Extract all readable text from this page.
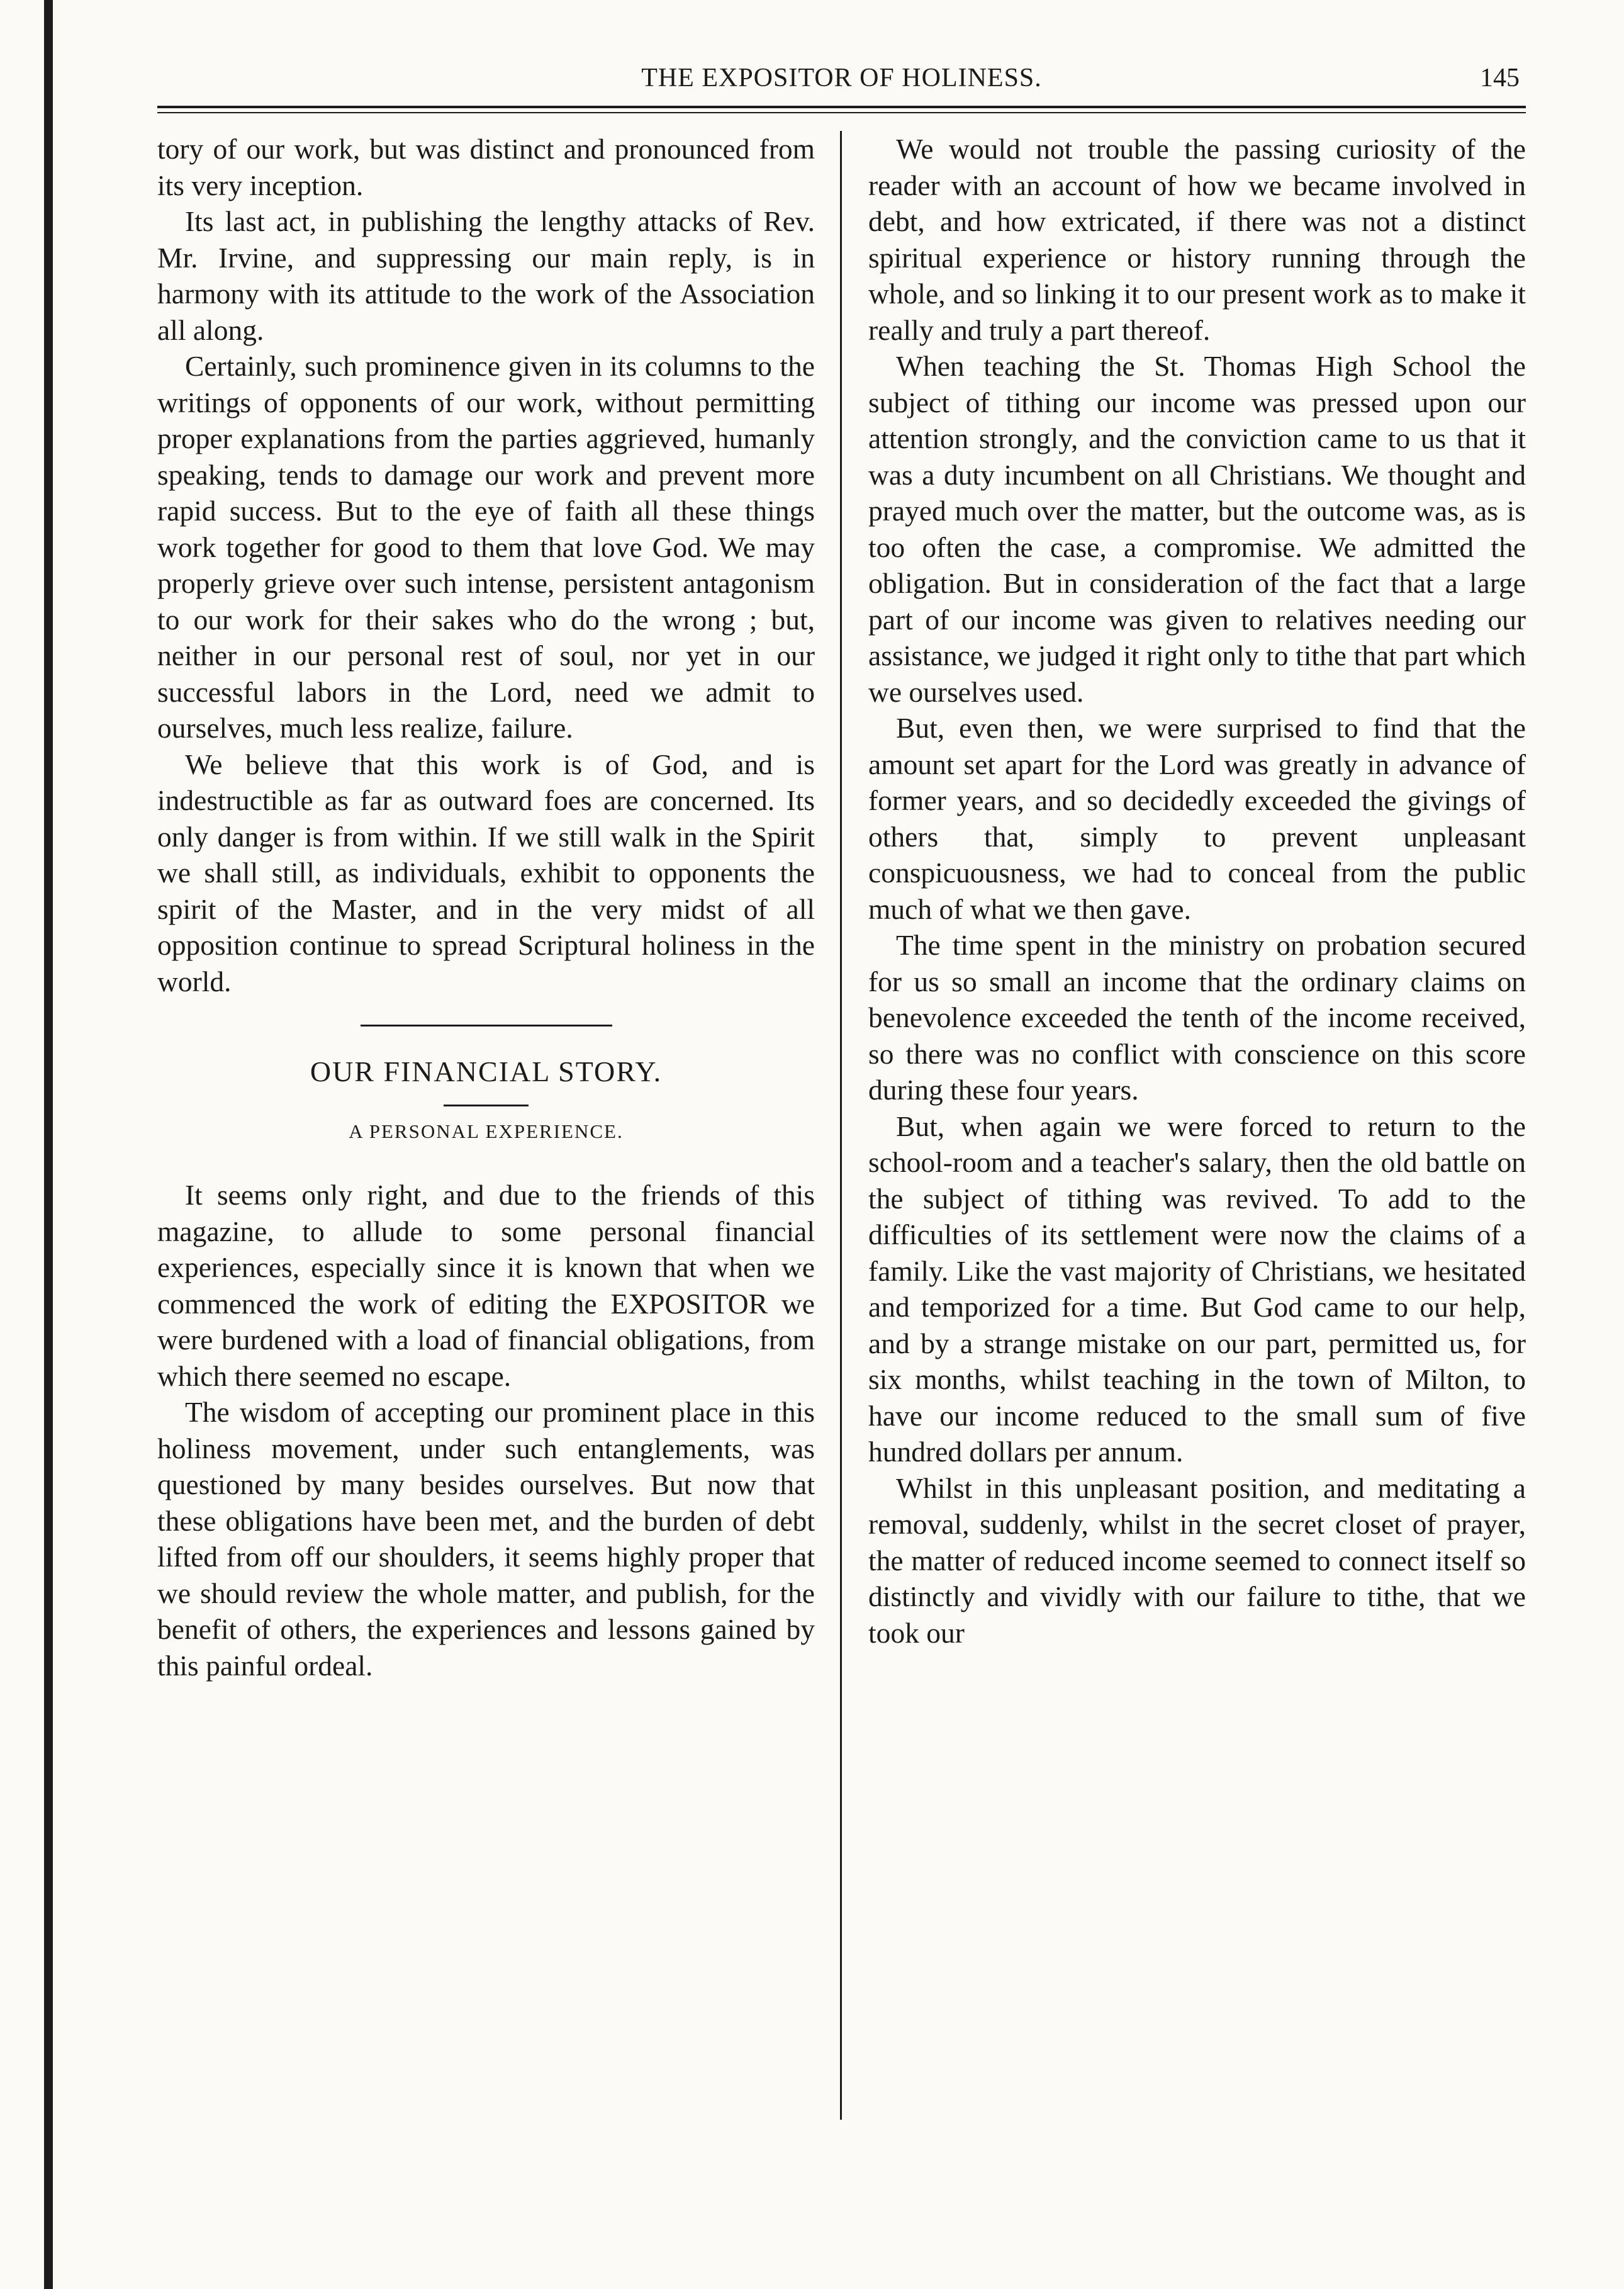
THE EXPOSITOR OF HOLINESS.	145

tory of our work, but was distinct and pronounced from its very inception.

Its last act, in publishing the lengthy attacks of Rev. Mr. Irvine, and suppressing our main reply, is in harmony with its attitude to the work of the Association all along.

Certainly, such prominence given in its columns to the writings of opponents of our work, without permitting proper explanations from the parties aggrieved, humanly speaking, tends to damage our work and prevent more rapid success. But to the eye of faith all these things work together for good to them that love God. We may properly grieve over such intense, persistent antagonism to our work for their sakes who do the wrong ; but, neither in our personal rest of soul, nor yet in our successful labors in the Lord, need we admit to ourselves, much less realize, failure.

We believe that this work is of God, and is indestructible as far as outward foes are concerned. Its only danger is from within. If we still walk in the Spirit we shall still, as individuals, exhibit to opponents the spirit of the Master, and in the very midst of all opposition continue to spread Scriptural holiness in the world.

OUR FINANCIAL STORY.
A PERSONAL EXPERIENCE.

It seems only right, and due to the friends of this magazine, to allude to some personal financial experiences, especially since it is known that when we commenced the work of editing the EXPOSITOR we were burdened with a load of financial obligations, from which there seemed no escape.

The wisdom of accepting our prominent place in this holiness movement, under such entanglements, was questioned by many besides ourselves. But now that these obligations have been met, and the burden of debt lifted from off our shoulders, it seems highly proper that we should review the whole matter, and publish, for the benefit of others, the experiences and lessons gained by this painful ordeal.

We would not trouble the passing curiosity of the reader with an account of how we became involved in debt, and how extricated, if there was not a distinct spiritual experience or history running through the whole, and so linking it to our present work as to make it really and truly a part thereof.

When teaching the St. Thomas High School the subject of tithing our income was pressed upon our attention strongly, and the conviction came to us that it was a duty incumbent on all Christians. We thought and prayed much over the matter, but the outcome was, as is too often the case, a compromise. We admitted the obligation. But in consideration of the fact that a large part of our income was given to relatives needing our assistance, we judged it right only to tithe that part which we ourselves used.

But, even then, we were surprised to find that the amount set apart for the Lord was greatly in advance of former years, and so decidedly exceeded the givings of others that, simply to prevent unpleasant conspicuousness, we had to conceal from the public much of what we then gave.

The time spent in the ministry on probation secured for us so small an income that the ordinary claims on benevolence exceeded the tenth of the income received, so there was no conflict with conscience on this score during these four years.

But, when again we were forced to return to the school-room and a teacher's salary, then the old battle on the subject of tithing was revived. To add to the difficulties of its settlement were now the claims of a family. Like the vast majority of Christians, we hesitated and temporized for a time. But God came to our help, and by a strange mistake on our part, permitted us, for six months, whilst teaching in the town of Milton, to have our income reduced to the small sum of five hundred dollars per annum.

Whilst in this unpleasant position, and meditating a removal, suddenly, whilst in the secret closet of prayer, the matter of reduced income seemed to connect itself so distinctly and vividly with our failure to tithe, that we took our
